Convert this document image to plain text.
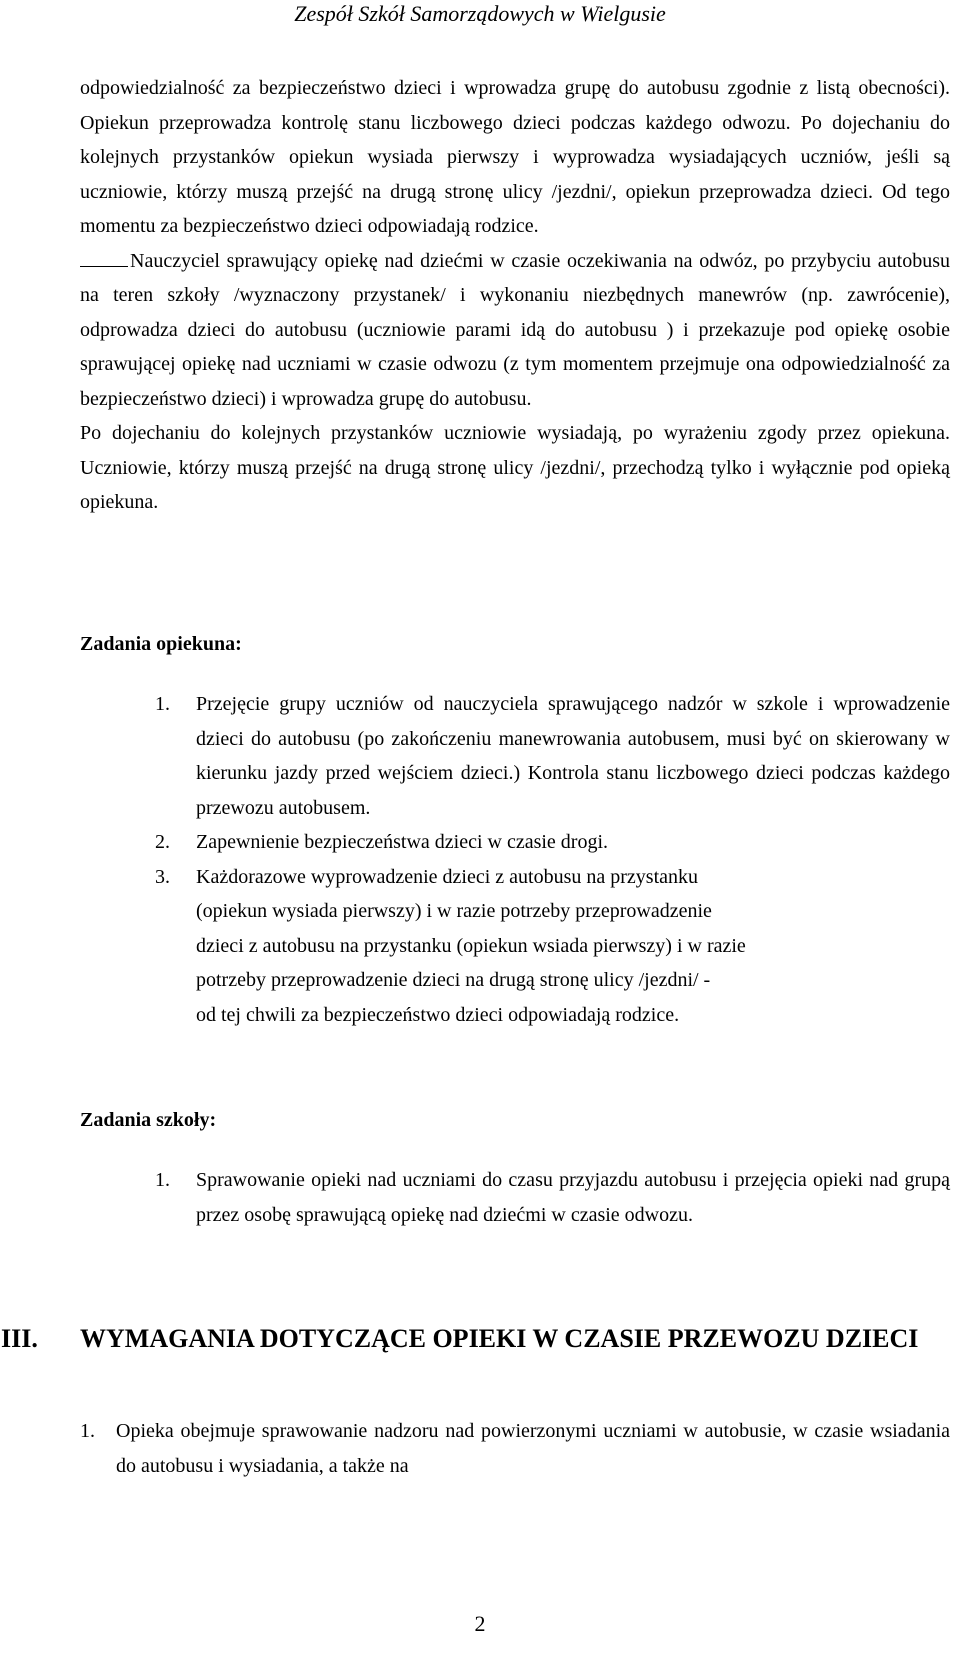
Zespół Szkół Samorządowych w Wielgusie

odpowiedzialność za bezpieczeństwo dzieci i wprowadza grupę do autobusu zgodnie z listą obecności). Opiekun przeprowadza kontrolę stanu liczbowego dzieci podczas każdego odwozu. Po dojechaniu do kolejnych przystanków opiekun wysiada pierwszy i wyprowadza wysiadających uczniów, jeśli są uczniowie, którzy muszą przejść na drugą stronę ulicy /jezdni/, opiekun przeprowadza dzieci. Od tego momentu za bezpieczeństwo dzieci odpowiadają rodzice.

Nauczyciel sprawujący opiekę nad dziećmi w czasie oczekiwania na odwóz, po przybyciu autobusu na teren szkoły /wyznaczony przystanek/ i wykonaniu niezbędnych manewrów (np. zawrócenie), odprowadza dzieci do autobusu (uczniowie parami idą do autobusu ) i przekazuje pod opiekę osobie sprawującej opiekę nad uczniami w czasie odwozu (z tym momentem przejmuje ona odpowiedzialność za bezpieczeństwo dzieci) i wprowadza grupę do autobusu.

Po dojechaniu do kolejnych przystanków uczniowie wysiadają, po wyrażeniu zgody przez opiekuna. Uczniowie, którzy muszą przejść na drugą stronę ulicy /jezdni/, przechodzą tylko i wyłącznie pod opieką opiekuna.

Zadania opiekuna:
1. Przejęcie grupy uczniów od nauczyciela sprawującego nadzór w szkole i wprowadzenie dzieci do autobusu (po zakończeniu manewrowania autobusem, musi być on skierowany w kierunku jazdy przed wejściem dzieci.) Kontrola stanu liczbowego dzieci podczas każdego przewozu autobusem.
2. Zapewnienie bezpieczeństwa dzieci w czasie drogi.
3. Każdorazowe wyprowadzenie dzieci z autobusu na przystanku
(opiekun wysiada pierwszy) i w razie potrzeby przeprowadzenie
dzieci z autobusu na przystanku (opiekun wsiada pierwszy) i w razie
potrzeby przeprowadzenie dzieci na drugą stronę ulicy /jezdni/ -
od tej chwili za bezpieczeństwo dzieci odpowiadają rodzice.
Zadania szkoły:
1. Sprawowanie opieki nad uczniami do czasu przyjazdu autobusu i przejęcia opieki nad grupą przez osobę sprawującą opiekę nad dziećmi w czasie odwozu.
III. WYMAGANIA DOTYCZĄCE OPIEKI W CZASIE PRZEWOZU DZIECI
1. Opieka obejmuje sprawowanie nadzoru nad powierzonymi uczniami w autobusie, w czasie wsiadania do autobusu i wysiadania, a także na
2
